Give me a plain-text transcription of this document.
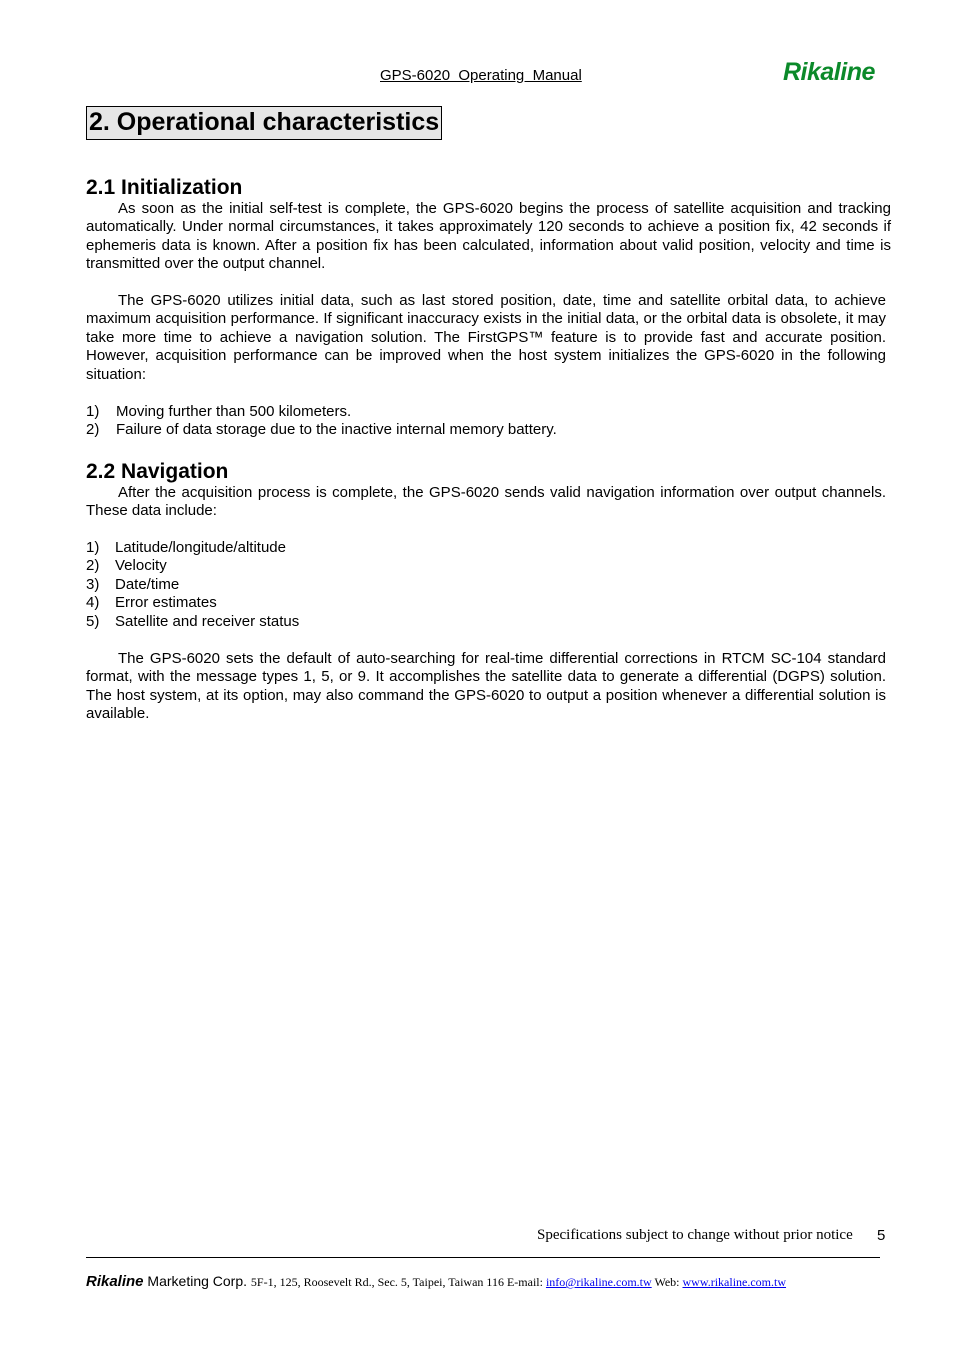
GPS-6020  Operating  Manual	Rikaline
2. Operational characteristics
2.1 Initialization

As soon as the initial self-test is complete, the GPS-6020 begins the process of satellite acquisition and tracking automatically. Under normal circumstances, it takes approximately 120 seconds to achieve a position fix, 42 seconds if ephemeris data is known. After a position fix has been calculated, information about valid position, velocity and time is transmitted over the output channel.

The GPS-6020 utilizes initial data, such as last stored position, date, time and satellite orbital data, to achieve maximum acquisition performance. If significant inaccuracy exists in the initial data, or the orbital data is obsolete, it may take more time to achieve a navigation solution. The FirstGPS™ feature is to provide fast and accurate position. However, acquisition performance can be improved when the host system initializes the GPS-6020 in the following situation:

1)	Moving further than 500 kilometers.
2)	Failure of data storage due to the inactive internal memory battery.
2.2 Navigation

After the acquisition process is complete, the GPS-6020 sends valid navigation information over output channels. These data include:

1)	Latitude/longitude/altitude
2)	Velocity
3)	Date/time
4)	Error estimates
5)	Satellite and receiver status

The GPS-6020 sets the default of auto-searching for real-time differential corrections in RTCM SC-104 standard format, with the message types 1, 5, or 9. It accomplishes the satellite data to generate a differential (DGPS) solution. The host system, at its option, may also command the GPS-6020 to output a position whenever a differential solution is available.

Specifications subject to change without prior notice 5
Rikaline Marketing Corp. 5F-1, 125, Roosevelt Rd., Sec. 5, Taipei, Taiwan 116 E-mail: info@rikaline.com.tw Web: www.rikaline.com.tw
